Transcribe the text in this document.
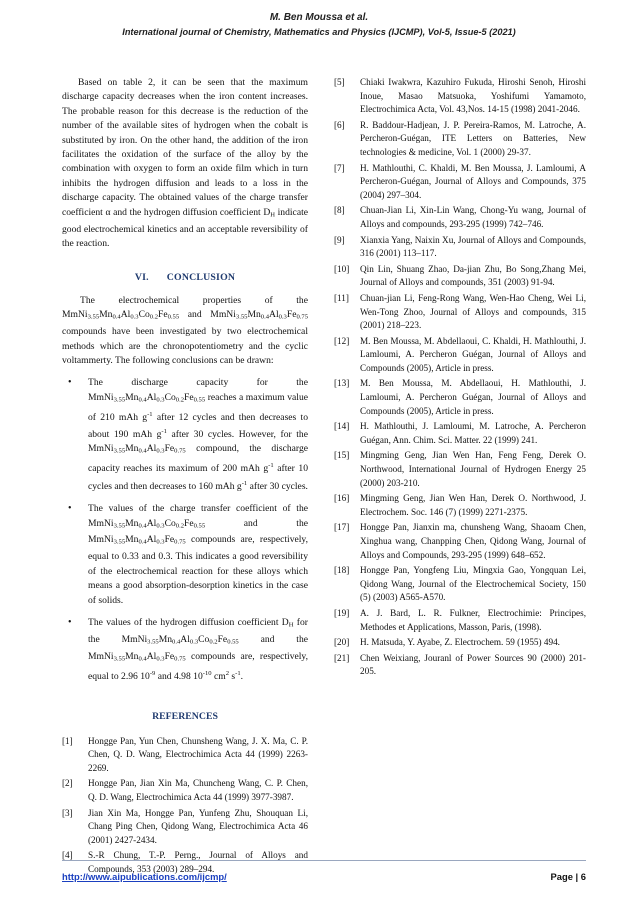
M. Ben Moussa et al.
International journal of Chemistry, Mathematics and Physics (IJCMP), Vol-5, Issue-5 (2021)

Based on table 2, it can be seen that the maximum discharge capacity decreases when the iron content increases. The probable reason for this decrease is the reduction of the number of the available sites of hydrogen when the cobalt is substituted by iron. On the other hand, the addition of the iron facilitates the oxidation of the surface of the alloy by the combination with oxygen to form an oxide film which in turn inhibits the hydrogen diffusion and leads to a loss in the discharge capacity. The obtained values of the charge transfer coefficient α and the hydrogen diffusion coefficient $D_H$ indicate good electrochemical kinetics and an acceptable reversibility of the reaction.

VI. CONCLUSION

The electrochemical properties of the $MmNi_{3.55}Mn_{0.4}Al_{0.3}Co_{0.2}Fe_{0.55}$ and $MmNi_{3.55}Mn_{0.4}Al_{0.3}Fe_{0.75}$ compounds have been investigated by two electrochemical methods which are the chronopotentiometry and the cyclic voltammerty. The following conclusions can be drawn:

• The discharge capacity for the $MmNi_{3.55}Mn_{0.4}Al_{0.3}Co_{0.2}Fe_{0.55}$ reaches a maximum value of 210 mAh $g^{-1}$ after 12 cycles and then decreases to about 190 mAh $g^{-1}$ after 30 cycles. However, for the $MmNi_{3.55}Mn_{0.4}Al_{0.3}Fe_{0.75}$ compound, the discharge capacity reaches its maximum of 200 mAh $g^{-1}$ after 10 cycles and then decreases to 160 mAh $g^{-1}$ after 30 cycles.
• The values of the charge transfer coefficient of the $MmNi_{3.55}Mn_{0.4}Al_{0.3}Co_{0.2}Fe_{0.55}$ and the $MmNi_{3.55}Mn_{0.4}Al_{0.3}Fe_{0.75}$ compounds are, respectively, equal to 0.33 and 0.3. This indicates a good reversibility of the electrochemical reaction for these alloys which means a good absorption-desorption kinetics in the case of solids.
• The values of the hydrogen diffusion coefficient $D_H$ for the $MmNi_{3.55}Mn_{0.4}Al_{0.3}Co_{0.2}Fe_{0.55}$ and the $MmNi_{3.55}Mn_{0.4}Al_{0.3}Fe_{0.75}$ compounds are, respectively, equal to 2.96 $10^{-9}$ and 4.98 $10^{-10}$ $cm^2$ $s^{-1}$.
REFERENCES
[1] Hongge Pan, Yun Chen, Chunsheng Wang, J. X. Ma, C. P. Chen, Q. D. Wang, Electrochimica Acta 44 (1999) 2263-2269.
[2] Hongge Pan, Jian Xin Ma, Chuncheng Wang, C. P. Chen, Q. D. Wang, Electrochimica Acta 44 (1999) 3977-3987.
[3] Jian Xin Ma, Hongge Pan, Yunfeng Zhu, Shouquan Li, Chang Ping Chen, Qidong Wang, Electrochimica Acta 46 (2001) 2427-2434.
[4] S.-R Chung, T.-P. Perng., Journal of Alloys and Compounds, 353 (2003) 289–294.
[5] Chiaki Iwakwra, Kazuhiro Fukuda, Hiroshi Senoh, Hiroshi Inoue, Masao Matsuoka, Yoshifumi Yamamoto, Electrochimica Acta, Vol. 43,Nos. 14-15 (1998) 2041-2046.
[6] R. Baddour-Hadjean, J. P. Pereira-Ramos, M. Latroche, A. Percheron-Guégan, ITE Letters on Batteries, New technologies & medicine, Vol. 1 (2000) 29-37.
[7] H. Mathlouthi, C. Khaldi, M. Ben Moussa, J. Lamloumi, A Percheron-Guégan, Journal of Alloys and Compounds, 375 (2004) 297–304.
[8] Chuan-Jian Li, Xin-Lin Wang, Chong-Yu wang, Journal of Alloys and compounds, 293-295 (1999) 742–746.
[9] Xianxia Yang, Naixin Xu, Journal of Alloys and Compounds, 316 (2001) 113–117.
[10] Qin Lin, Shuang Zhao, Da-jian Zhu, Bo Song,Zhang Mei, Journal of Alloys and compounds, 351 (2003) 91-94.
[11] Chuan-jian Li, Feng-Rong Wang, Wen-Hao Cheng, Wei Li, Wen-Tong Zhoo, Journal of Alloys and compounds, 315 (2001) 218–223.
[12] M. Ben Moussa, M. Abdellaoui, C. Khaldi, H. Mathlouthi, J. Lamloumi, A. Percheron Guégan, Journal of Alloys and Compounds (2005), Article in press.
[13] M. Ben Moussa, M. Abdellaoui, H. Mathlouthi, J. Lamloumi, A. Percheron Guégan, Journal of Alloys and Compounds (2005), Article in press.
[14] H. Mathlouthi, J. Lamloumi, M. Latroche, A. Percheron Guégan, Ann. Chim. Sci. Matter. 22 (1999) 241.
[15] Mingming Geng, Jian Wen Han, Feng Feng, Derek O. Northwood, International Journal of Hydrogen Energy 25 (2000) 203-210.
[16] Mingming Geng, Jian Wen Han, Derek O. Northwood, J. Electrochem. Soc. 146 (7) (1999) 2271-2375.
[17] Hongge Pan, Jianxin ma, chunsheng Wang, Shaoam Chen, Xinghua wang, Chanpping Chen, Qidong Wang, Journal of Alloys and Compounds, 293-295 (1999) 648–652.
[18] Hongge Pan, Yongfeng Liu, Mingxia Gao, Yongquan Lei, Qidong Wang, Journal of the Electrochemical Society, 150 (5) (2003) A565-A570.
[19] A. J. Bard, L. R. Fulkner, Electrochimie: Principes, Methodes et Applications, Masson, Paris, (1998).
[20] H. Matsuda, Y. Ayabe, Z. Electrochem. 59 (1955) 494.
[21] Chen Weixiang, Jouranl of Power Sources 90 (2000) 201-205.
http://www.aipublications.com/ijcmp/	Page | 6
